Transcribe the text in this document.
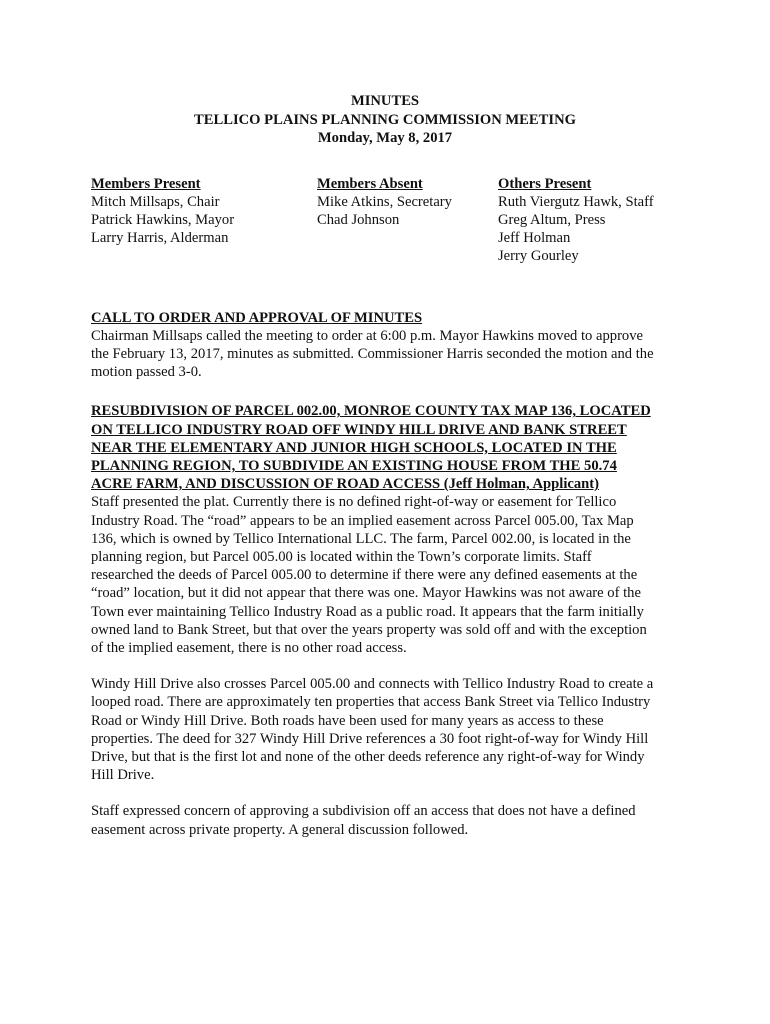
MINUTES
TELLICO PLAINS PLANNING COMMISSION MEETING
Monday, May 8, 2017
Members Present
Mitch Millsaps, Chair
Patrick Hawkins, Mayor
Larry Harris, Alderman
Members Absent
Mike Atkins, Secretary
Chad Johnson
Others Present
Ruth Viergutz Hawk, Staff
Greg Altum, Press
Jeff Holman
Jerry Gourley
CALL TO ORDER AND APPROVAL OF MINUTES
Chairman Millsaps called the meeting to order at 6:00 p.m. Mayor Hawkins moved to approve
the February 13, 2017, minutes as submitted. Commissioner Harris seconded the motion and the
motion passed 3-0.
RESUBDIVISION OF PARCEL 002.00, MONROE COUNTY TAX MAP 136, LOCATED
ON TELLICO INDUSTRY ROAD OFF WINDY HILL DRIVE AND BANK STREET
NEAR THE ELEMENTARY AND JUNIOR HIGH SCHOOLS, LOCATED IN THE
PLANNING REGION, TO SUBDIVIDE AN EXISTING HOUSE FROM THE 50.74
ACRE FARM, AND DISCUSSION OF ROAD ACCESS (Jeff Holman, Applicant)
Staff presented the plat. Currently there is no defined right-of-way or easement for Tellico
Industry Road. The “road” appears to be an implied easement across Parcel 005.00, Tax Map
136, which is owned by Tellico International LLC. The farm, Parcel 002.00, is located in the
planning region, but Parcel 005.00 is located within the Town’s corporate limits. Staff
researched the deeds of Parcel 005.00 to determine if there were any defined easements at the
“road” location, but it did not appear that there was one. Mayor Hawkins was not aware of the
Town ever maintaining Tellico Industry Road as a public road. It appears that the farm initially
owned land to Bank Street, but that over the years property was sold off and with the exception
of the implied easement, there is no other road access.
Windy Hill Drive also crosses Parcel 005.00 and connects with Tellico Industry Road to create a
looped road. There are approximately ten properties that access Bank Street via Tellico Industry
Road or Windy Hill Drive. Both roads have been used for many years as access to these
properties. The deed for 327 Windy Hill Drive references a 30 foot right-of-way for Windy Hill
Drive, but that is the first lot and none of the other deeds reference any right-of-way for Windy
Hill Drive.
Staff expressed concern of approving a subdivision off an access that does not have a defined
easement across private property. A general discussion followed.
